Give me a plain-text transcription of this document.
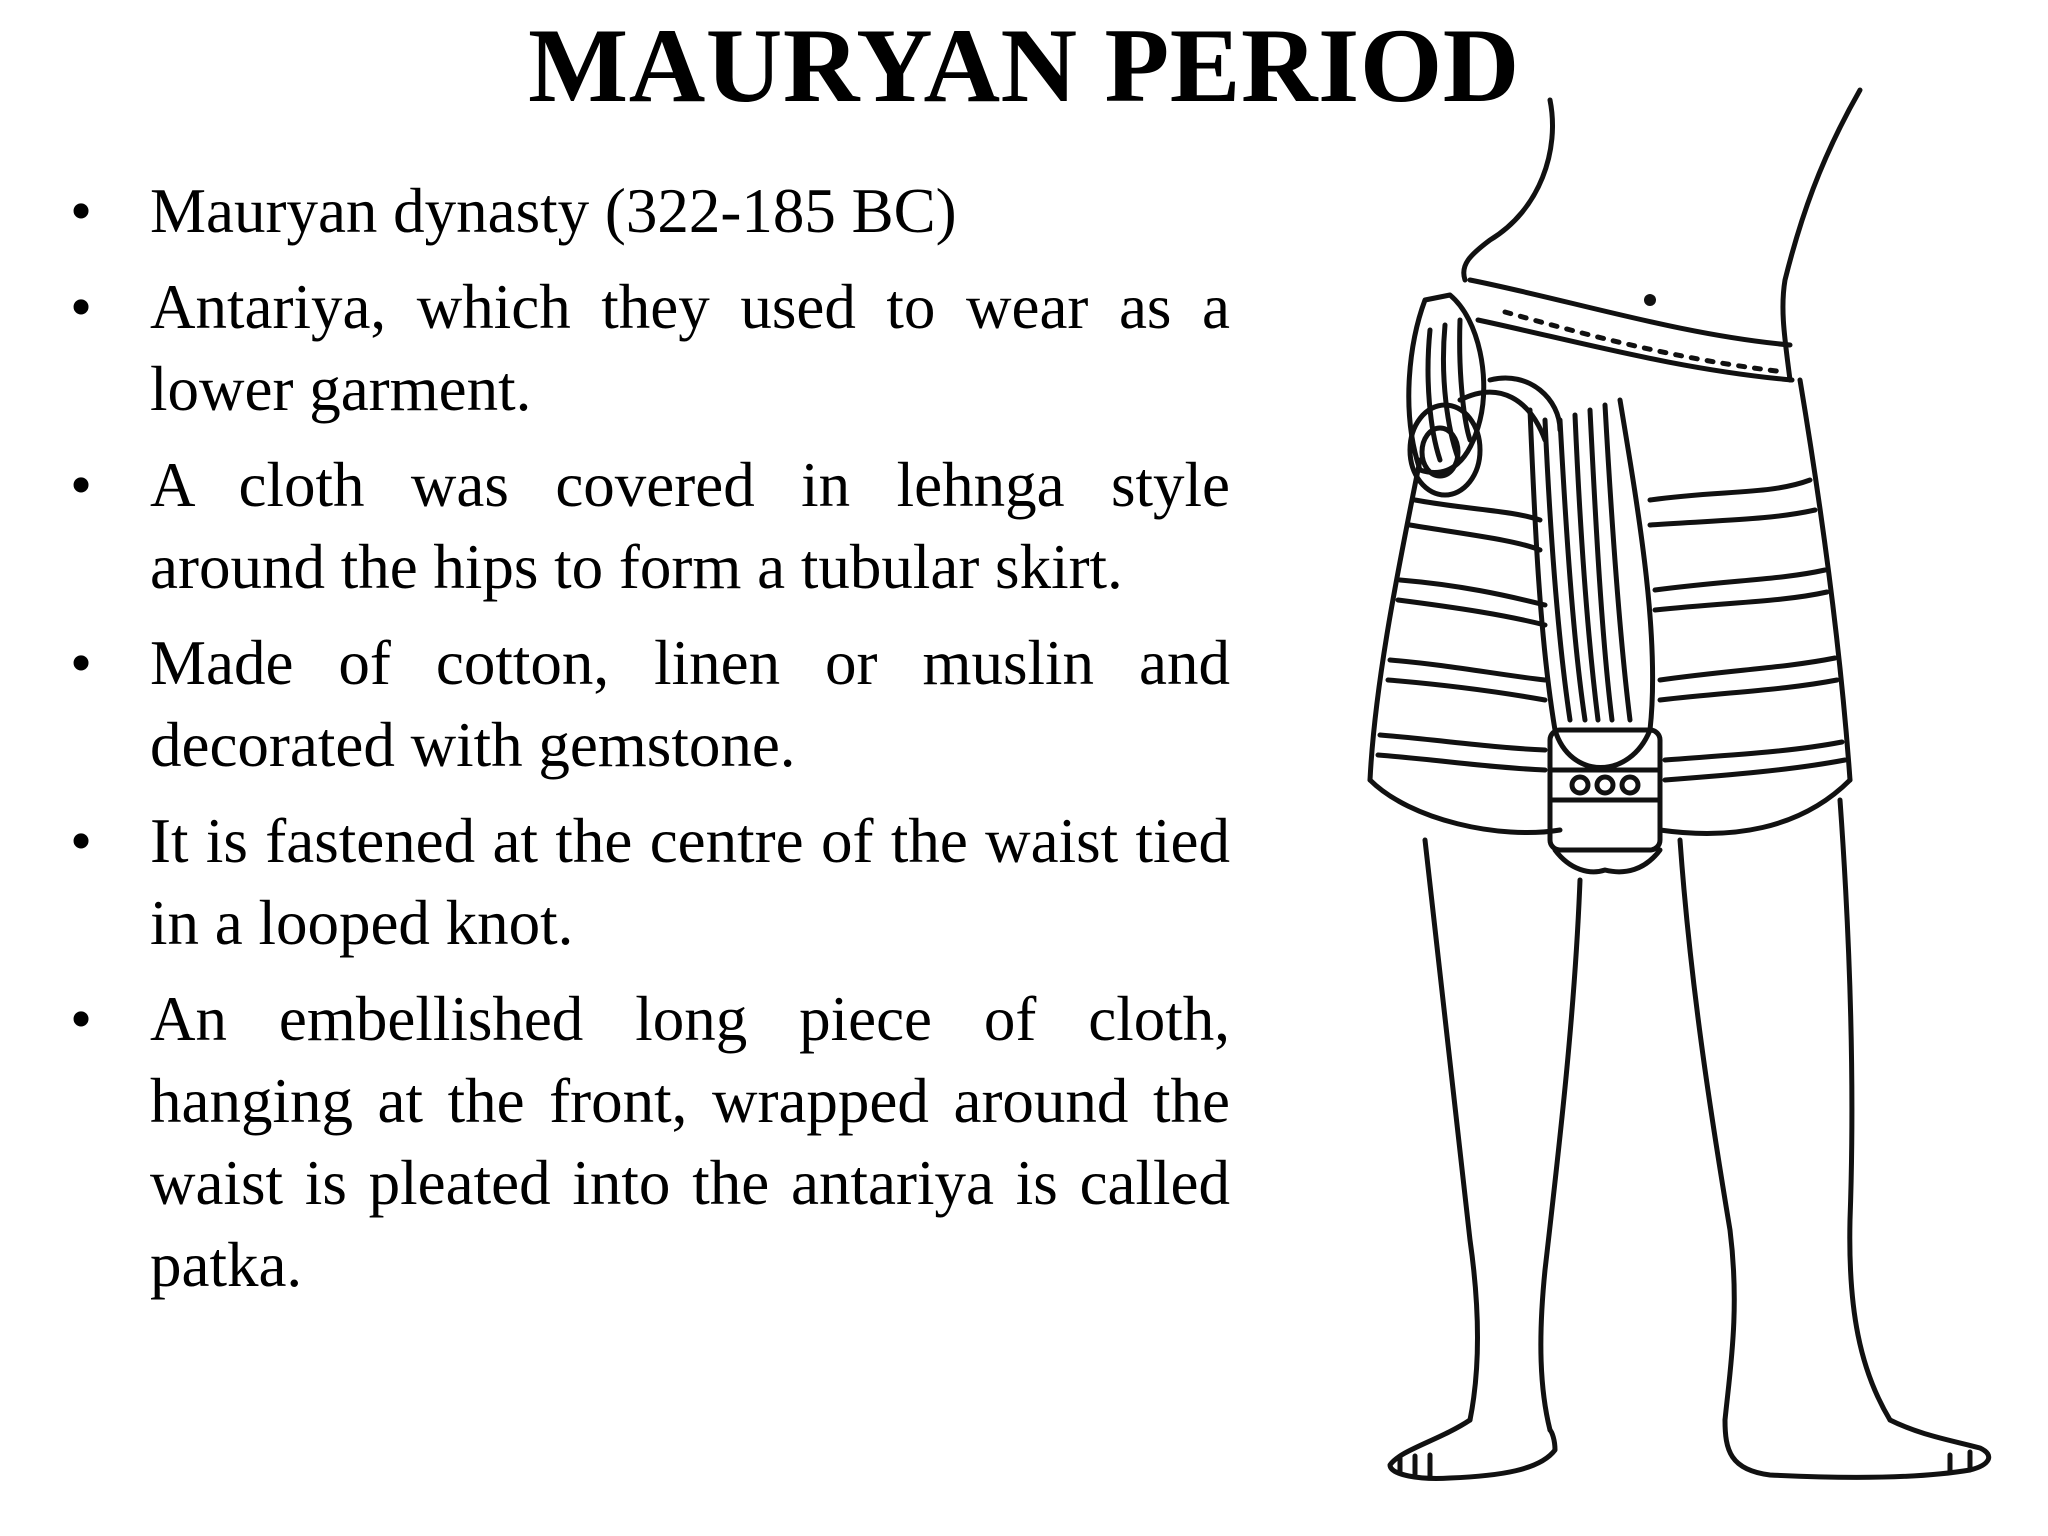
MAURYAN PERIOD
• Mauryan dynasty (322-185 BC)
• Antariya, which they used to wear as a lower garment.
• A cloth was covered in lehnga style around the hips to form a tubular skirt.
• Made of cotton, linen or muslin and decorated with gemstone.
• It is fastened at the centre of the waist tied in a looped knot.
• An embellished long piece of cloth, hanging at the front, wrapped around the waist is pleated into the antariya is called patka.
